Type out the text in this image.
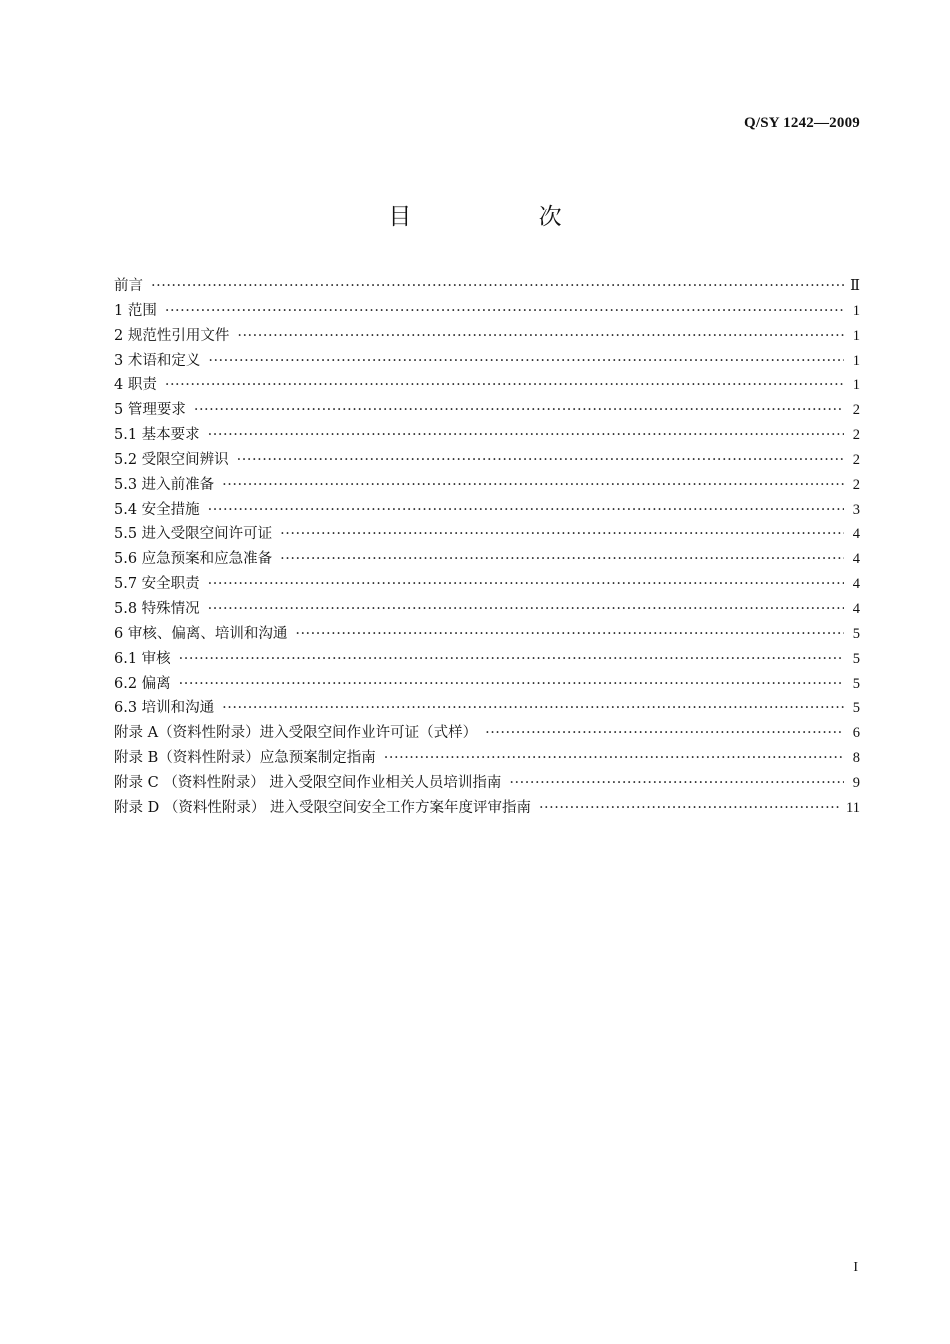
Q/SY 1242—2009
目 次
前言 ·····	Ⅱ
1 范围 ·····	1
2 规范性引用文件 ·····	1
3 术语和定义 ·····	1
4 职责 ·····	1
5 管理要求 ·····	2
5.1 基本要求 ·····	2
5.2 受限空间辨识 ·····	2
5.3 进入前准备 ·····	2
5.4 安全措施 ·····	3
5.5 进入受限空间许可证 ·····	4
5.6 应急预案和应急准备 ·····	4
5.7 安全职责 ·····	4
5.8 特殊情况 ·····	4
6 审核、偏离、培训和沟通 ·····	5
6.1 审核 ·····	5
6.2 偏离 ·····	5
6.3 培训和沟通 ·····	5
附录 A（资料性附录）进入受限空间作业许可证（式样） ·····	6
附录 B（资料性附录）应急预案制定指南 ·····	8
附录 C （资料性附录） 进入受限空间作业相关人员培训指南 ·····	9
附录 D （资料性附录） 进入受限空间安全工作方案年度评审指南 ·····	11
I
